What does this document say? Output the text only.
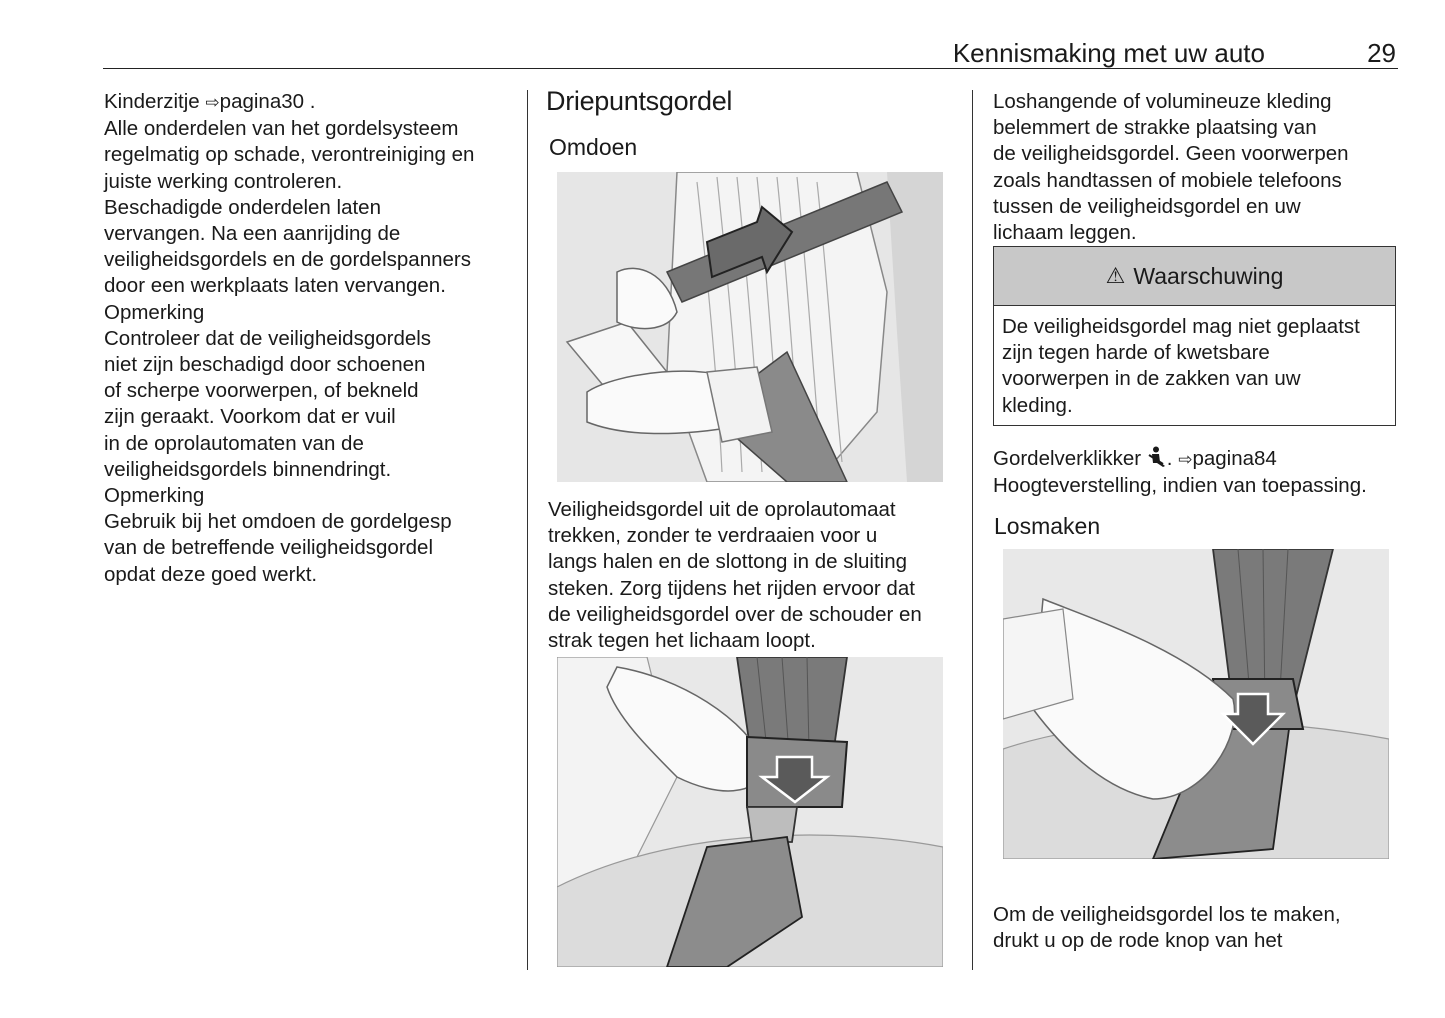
Kennismaking met uw auto	29

Kinderzitje ⇨pagina30 .

Alle onderdelen van het gordelsysteem

regelmatig op schade, verontreiniging en

juiste werking controleren.

Beschadigde onderdelen laten

vervangen. Na een aanrijding de

veiligheidsgordels en de gordelspanners

door een werkplaats laten vervangen.

Opmerking

Controleer dat de veiligheidsgordels

niet zijn beschadigd door schoenen

of scherpe voorwerpen, of bekneld

zijn geraakt. Voorkom dat er vuil

in de oprolautomaten van de

veiligheidsgordels binnendringt.

Opmerking

Gebruik bij het omdoen de gordelgesp

van de betreffende veiligheidsgordel

opdat deze goed werkt.

Driepuntsgordel
Omdoen

Veiligheidsgordel uit de oprolautomaat

trekken, zonder te verdraaien voor u

langs halen en de slottong in de sluiting

steken. Zorg tijdens het rijden ervoor dat

de veiligheidsgordel over de schouder en

strak tegen het lichaam loopt.

Loshangende of volumineuze kleding

belemmert de strakke plaatsing van

de veiligheidsgordel. Geen voorwerpen

zoals handtassen of mobiele telefoons

tussen de veiligheidsgordel en uw

lichaam leggen.

⚠ Waarschuwing

De veiligheidsgordel mag niet geplaatst

zijn tegen harde of kwetsbare

voorwerpen in de zakken van uw

kleding.

Gordelverklikker . ⇨pagina84

Hoogteverstelling, indien van toepassing.

Losmaken

Om de veiligheidsgordel los te maken,

drukt u op de rode knop van het
